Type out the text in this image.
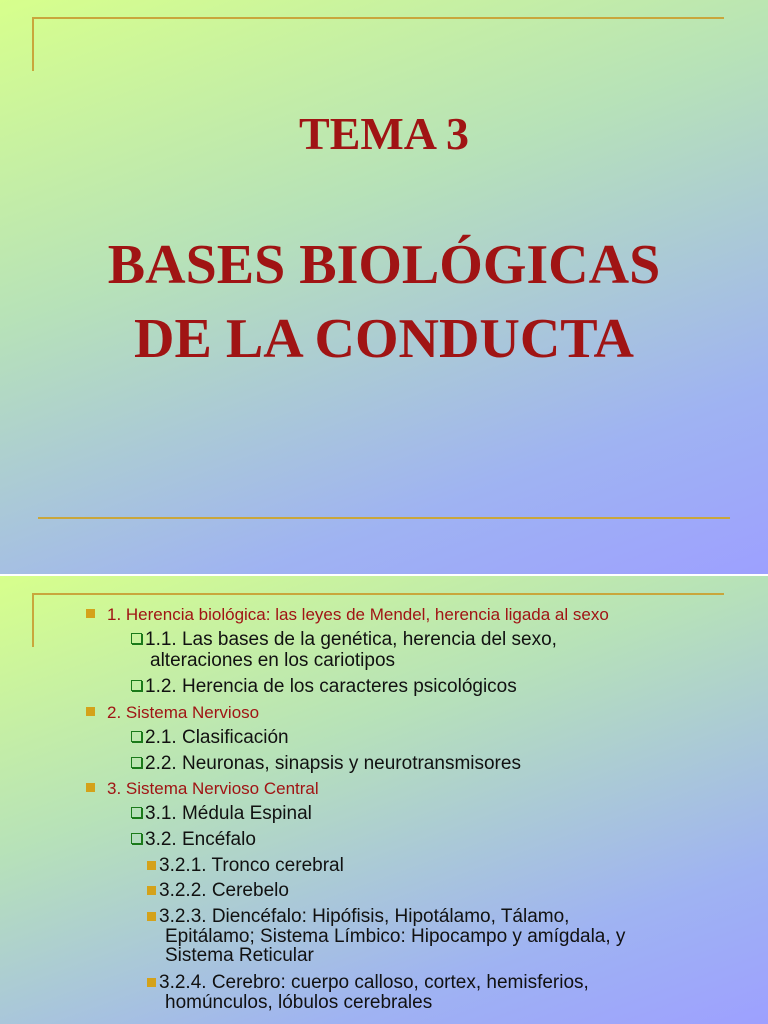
TEMA 3
BASES BIOLÓGICAS
DE LA CONDUCTA
1. Herencia biológica: las leyes de Mendel, herencia ligada al sexo
1.1. Las bases de la genética, herencia del sexo,
alteraciones en los cariotipos
1.2. Herencia de los caracteres psicológicos
2. Sistema Nervioso
2.1. Clasificación
2.2. Neuronas, sinapsis y neurotransmisores
3. Sistema Nervioso Central
3.1. Médula Espinal
3.2. Encéfalo
3.2.1. Tronco cerebral
3.2.2. Cerebelo
3.2.3. Diencéfalo: Hipófisis, Hipotálamo, Tálamo,
Epitálamo; Sistema Límbico: Hipocampo y amígdala, y
Sistema Reticular
3.2.4. Cerebro: cuerpo calloso, cortex, hemisferios,
homúnculos, lóbulos cerebrales
